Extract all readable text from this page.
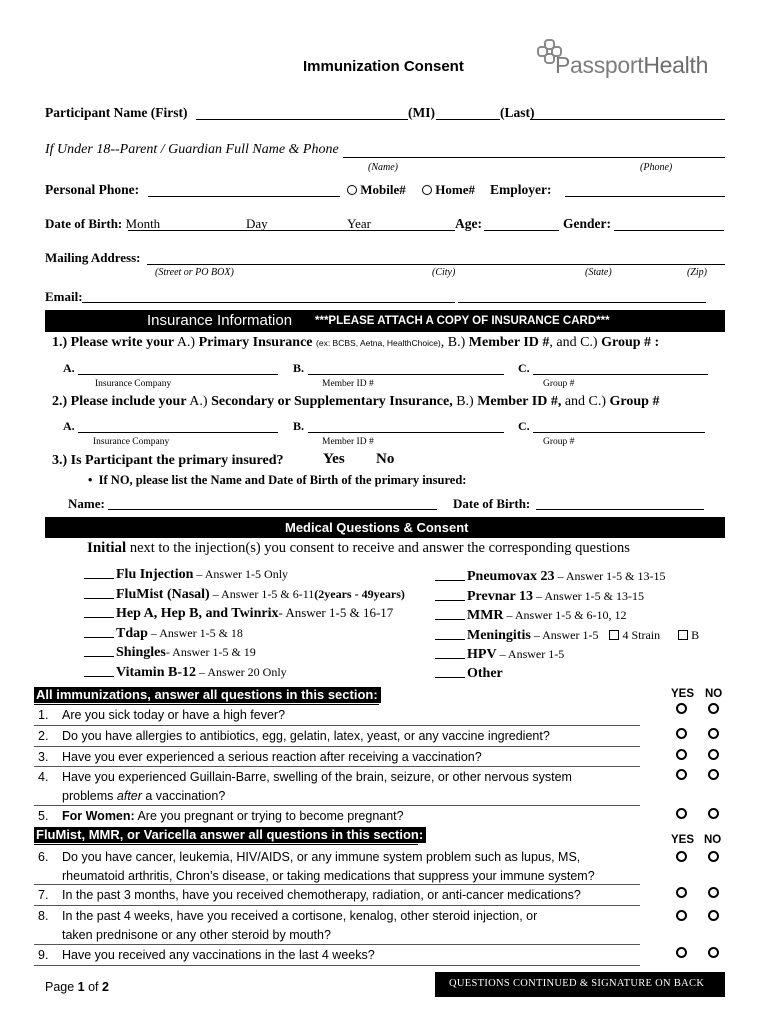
Immunization Consent	PassportHealth
Participant Name (First)	(MI)	(Last)
If Under 18--Parent / Guardian Full Name & Phone
(Name)	(Phone)
Personal Phone:	Mobile#	Home# Employer:
Date of Birth: Month	Day	Year	Age:	Gender:
Mailing Address:
(Street or PO BOX)	(City)	(State)	(Zip)
Email:
Insurance Information ***PLEASE ATTACH A COPY OF INSURANCE CARD***
1.) Please write your A.) Primary Insurance (ex: BCBS, Aetna, HealthChoice), B.) Member ID #, and C.) Group # :
A.	B.	C.
Insurance Company	Member ID #	Group #
2.) Please include your A.) Secondary or Supplementary Insurance, B.) Member ID #, and C.) Group #
A.	B.	C.
Insurance Company	Member ID #	Group #
3.) Is Participant the primary insured?	Yes No
• If NO, please list the Name and Date of Birth of the primary insured:
Name:	Date of Birth:
Medical Questions & Consent
Initial next to the injection(s) you consent to receive and answer the corresponding questions
Flu Injection – Answer 1-5 Only
FluMist (Nasal) – Answer 1-5 & 6-11(2years - 49years)
Hep A, Hep B, and Twinrix- Answer 1-5 & 16-17
Tdap – Answer 1-5 & 18
Shingles- Answer 1-5 & 19
Vitamin B-12 – Answer 20 Only
Pneumovax 23 – Answer 1-5 & 13-15
Prevnar 13 – Answer 1-5 & 13-15
MMR – Answer 1-5 & 6-10, 12
Meningitis – Answer 1-5 4 Strain	B
HPV – Answer 1-5
Other
All immunizations, answer all questions in this section:	YES NO
1. Are you sick today or have a high fever?
2. Do you have allergies to antibiotics, egg, gelatin, latex, yeast, or any vaccine ingredient?
3. Have you ever experienced a serious reaction after receiving a vaccination?
4. Have you experienced Guillain-Barre, swelling of the brain, seizure, or other nervous system
problems after a vaccination?
5. For Women: Are you pregnant or trying to become pregnant?
FluMist, MMR, or Varicella answer all questions in this section:	YES NO
6. Do you have cancer, leukemia, HIV/AIDS, or any immune system problem such as lupus, MS,
rheumatoid arthritis, Chron’s disease, or taking medications that suppress your immune system?
7. In the past 3 months, have you received chemotherapy, radiation, or anti-cancer medications?
8. In the past 4 weeks, have you received a cortisone, kenalog, other steroid injection, or
taken prednisone or any other steroid by mouth?
9. Have you received any vaccinations in the last 4 weeks?
Page 1 of 2	QUESTIONS CONTINUED & SIGNATURE ON BACK
